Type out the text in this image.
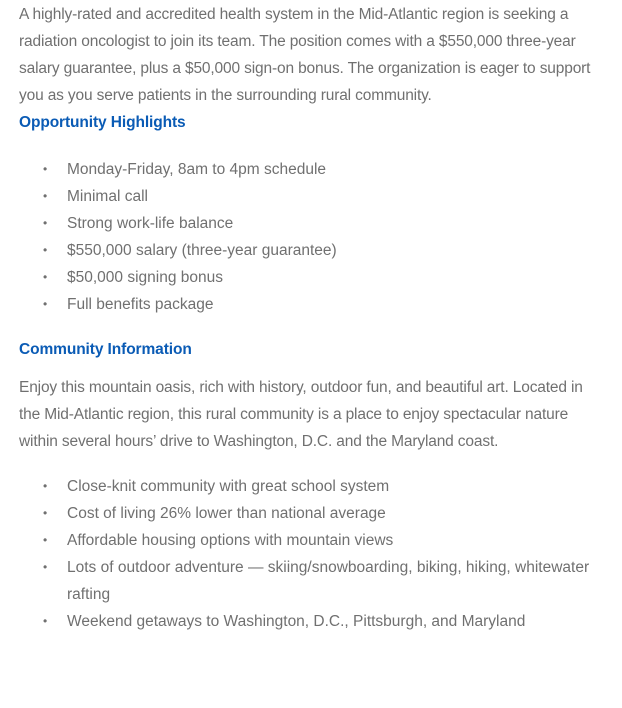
A highly-rated and accredited health system in the Mid-Atlantic region is seeking a radiation oncologist to join its team. The position comes with a $550,000 three-year salary guarantee, plus a $50,000 sign-on bonus. The organization is eager to support you as you serve patients in the surrounding rural community.

Opportunity Highlights
• Monday-Friday, 8am to 4pm schedule
• Minimal call
• Strong work-life balance
• $550,000 salary (three-year guarantee)
• $50,000 signing bonus
• Full benefits package
Community Information

Enjoy this mountain oasis, rich with history, outdoor fun, and beautiful art. Located in the Mid-Atlantic region, this rural community is a place to enjoy spectacular nature within several hours’ drive to Washington, D.C. and the Maryland coast.

• Close-knit community with great school system
• Cost of living 26% lower than national average
• Affordable housing options with mountain views
• Lots of outdoor adventure — skiing/snowboarding, biking, hiking, whitewater rafting
• Weekend getaways to Washington, D.C., Pittsburgh, and Maryland
